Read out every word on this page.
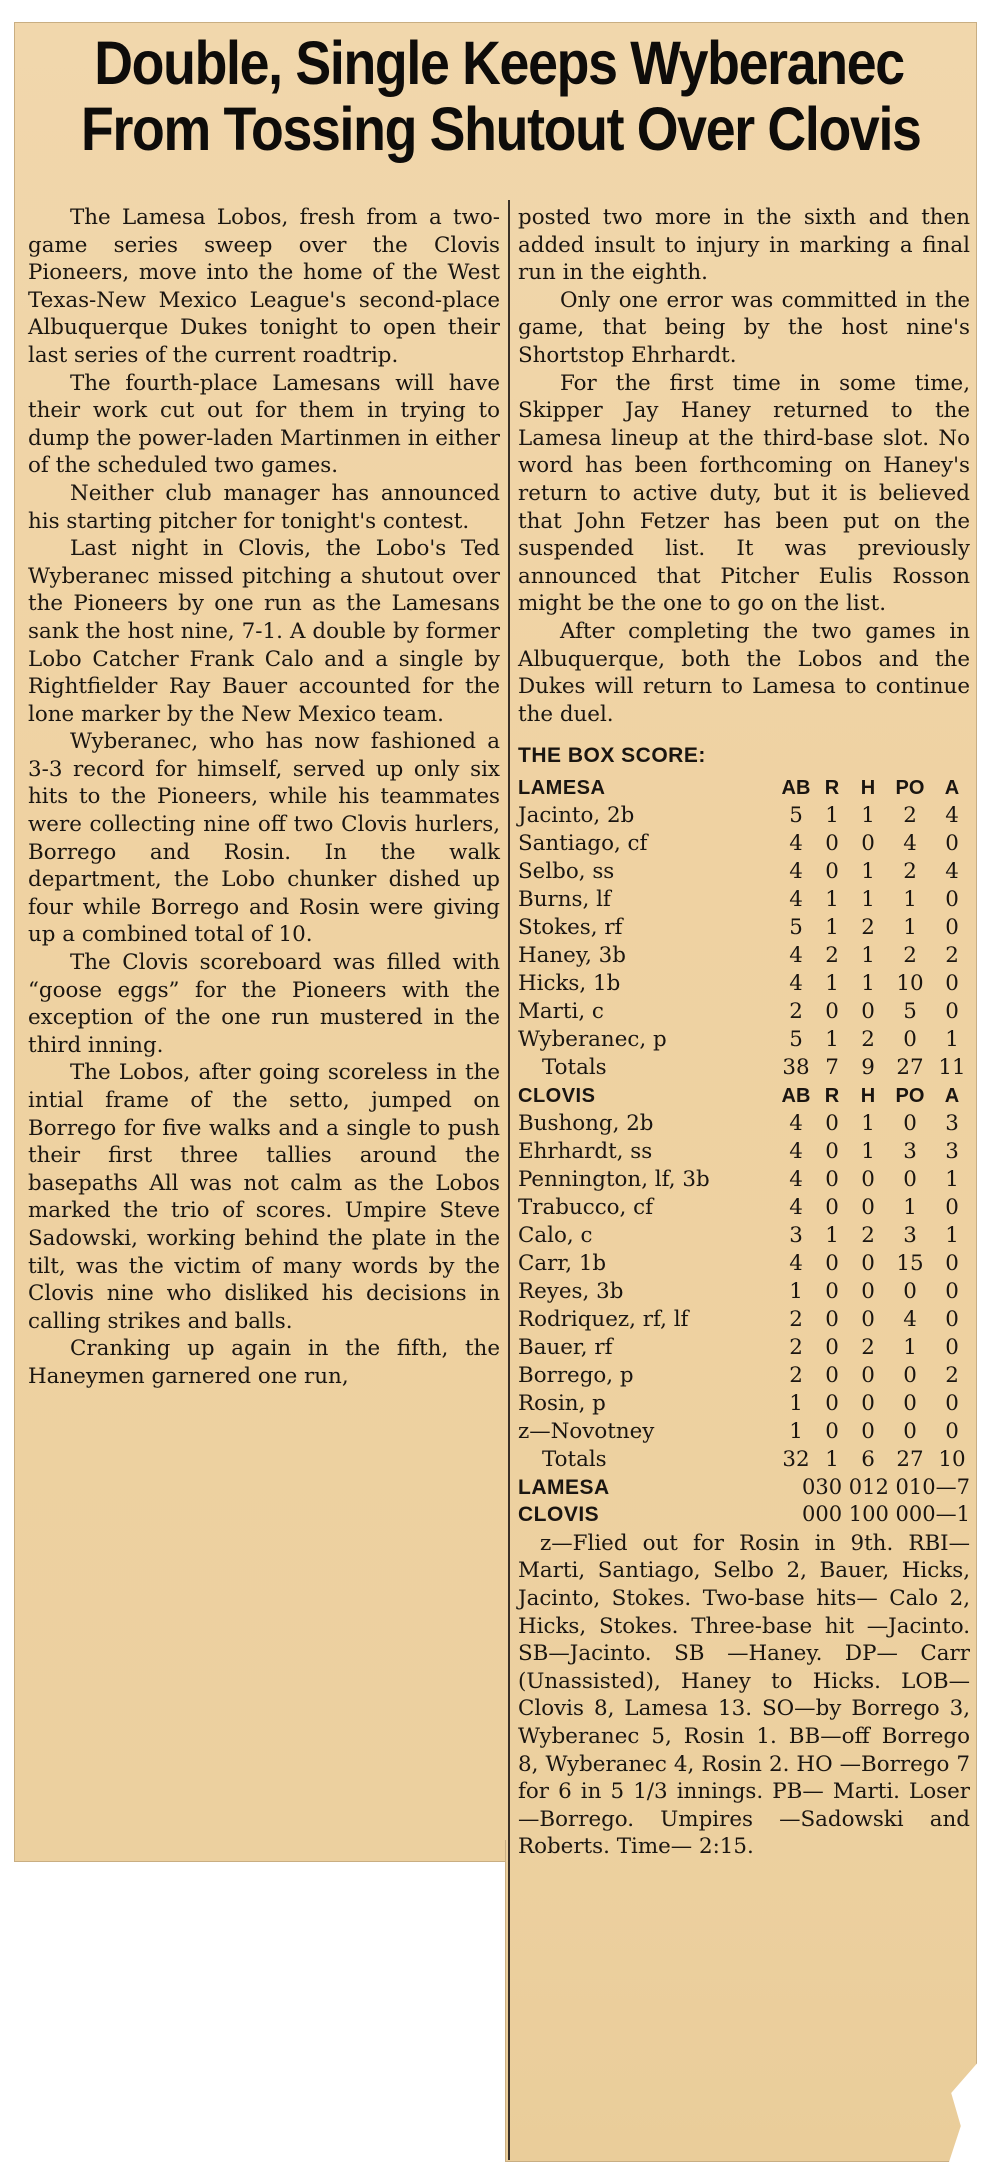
Double, Single Keeps Wyberanec
From Tossing Shutout Over Clovis

The Lamesa Lobos, fresh from a two-game series sweep over the Clovis Pioneers, move into the home of the West Texas-New Mexico League's second-place Albuquerque Dukes tonight to open their last series of the current roadtrip.

The fourth-place Lamesans will have their work cut out for them in trying to dump the power-laden Martinmen in either of the scheduled two games.

Neither club manager has announced his starting pitcher for tonight's contest.

Last night in Clovis, the Lobo's Ted Wyberanec missed pitching a shutout over the Pioneers by one run as the Lamesans sank the host nine, 7-1. A double by former Lobo Catcher Frank Calo and a single by Rightfielder Ray Bauer accounted for the lone marker by the New Mexico team.

Wyberanec, who has now fashioned a 3-3 record for himself, served up only six hits to the Pioneers, while his teammates were collecting nine off two Clovis hurlers, Borrego and Rosin. In the walk department, the Lobo chunker dished up four while Borrego and Rosin were giving up a combined total of 10.

The Clovis scoreboard was filled with “goose eggs” for the Pioneers with the exception of the one run mustered in the third inning.

The Lobos, after going scoreless in the intial frame of the setto, jumped on Borrego for five walks and a single to push their first three tallies around the basepaths All was not calm as the Lobos marked the trio of scores. Umpire Steve Sadowski, working behind the plate in the tilt, was the victim of many words by the Clovis nine who disliked his decisions in calling strikes and balls.

Cranking up again in the fifth, the Haneymen garnered one run,

posted two more in the sixth and then added insult to injury in marking a final run in the eighth.

Only one error was committed in the game, that being by the host nine's Shortstop Ehrhardt.

For the first time in some time, Skipper Jay Haney returned to the Lamesa lineup at the third-base slot. No word has been forthcoming on Haney's return to active duty, but it is believed that John Fetzer has been put on the suspended list. It was previously announced that Pitcher Eulis Rosson might be the one to go on the list.

After completing the two games in Albuquerque, both the Lobos and the Dukes will return to Lamesa to continue the duel.

THE BOX SCORE:
LAMESA	AB	R	H	PO	A
Jacinto, 2b	5	1	1	2	4
Santiago, cf	4	0	0	4	0
Selbo, ss	4	0	1	2	4
Burns, lf	4	1	1	1	0
Stokes, rf	5	1	2	1	0
Haney, 3b	4	2	1	2	2
Hicks, 1b	4	1	1	10	0
Marti, c	2	0	0	5	0
Wyberanec, p	5	1	2	0	1
Totals	38	7	9	27	11
CLOVIS	AB	R	H	PO	A
Bushong, 2b	4	0	1	0	3
Ehrhardt, ss	4	0	1	3	3
Pennington, lf, 3b	4	0	0	0	1
Trabucco, cf	4	0	0	1	0
Calo, c	3	1	2	3	1
Carr, 1b	4	0	0	15	0
Reyes, 3b	1	0	0	0	0
Rodriquez, rf, lf	2	0	0	4	0
Bauer, rf	2	0	2	1	0
Borrego, p	2	0	0	0	2
Rosin, p	1	0	0	0	0
z—Novotney	1	0	0	0	0
Totals	32	1	6	27	10
LAMESA	030 012 010—7
CLOVIS	000 100 000—1

z—Flied out for Rosin in 9th. RBI—Marti, Santiago, Selbo 2, Bauer, Hicks, Jacinto, Stokes. Two-base hits— Calo 2, Hicks, Stokes. Three-base hit —Jacinto. SB—Jacinto. SB —Haney. DP— Carr (Unassisted), Haney to Hicks. LOB— Clovis 8, Lamesa 13. SO—by Borrego 3, Wyberanec 5, Rosin 1. BB—off Borrego 8, Wyberanec 4, Rosin 2. HO —Borrego 7 for 6 in 5 1/3 innings. PB— Marti. Loser —Borrego. Umpires —Sadowski and Roberts. Time— 2:15.
